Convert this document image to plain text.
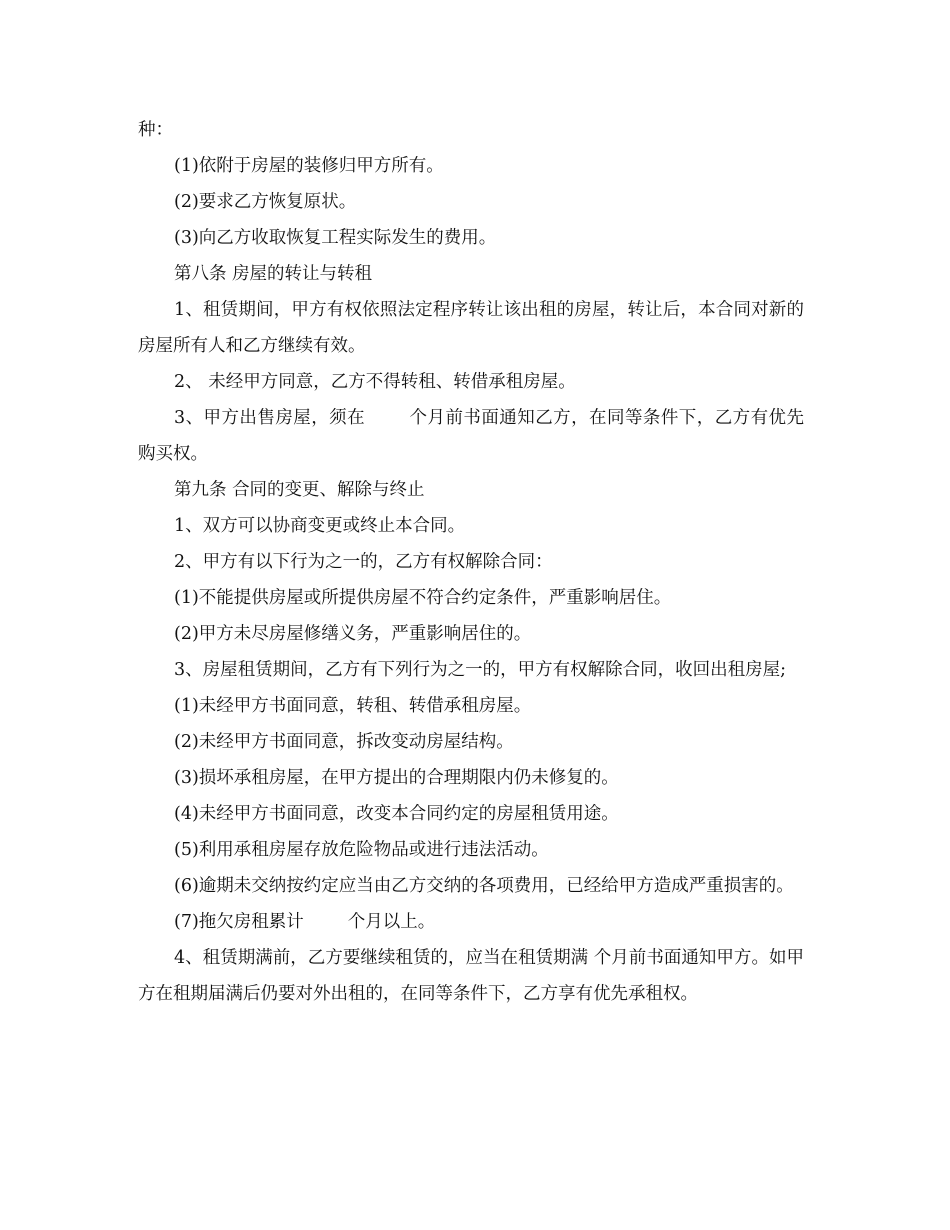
种：

(1)依附于房屋的装修归甲方所有。

(2)要求乙方恢复原状。

(3)向乙方收取恢复工程实际发生的费用。

第八条 房屋的转让与转租

1、租赁期间，甲方有权依照法定程序转让该出租的房屋，转让后，本合同对新的房屋所有人和乙方继续有效。

2、 未经甲方同意，乙方不得转租、转借承租房屋。

3、甲方出售房屋，须在	个月前书面通知乙方，在同等条件下，乙方有优先购买权。

第九条 合同的变更、解除与终止

1、双方可以协商变更或终止本合同。

2、甲方有以下行为之一的，乙方有权解除合同：

(1)不能提供房屋或所提供房屋不符合约定条件，严重影响居住。

(2)甲方未尽房屋修缮义务，严重影响居住的。

3、房屋租赁期间，乙方有下列行为之一的，甲方有权解除合同，收回出租房屋;

(1)未经甲方书面同意，转租、转借承租房屋。

(2)未经甲方书面同意，拆改变动房屋结构。

(3)损坏承租房屋，在甲方提出的合理期限内仍未修复的。

(4)未经甲方书面同意，改变本合同约定的房屋租赁用途。

(5)利用承租房屋存放危险物品或进行违法活动。

(6)逾期未交纳按约定应当由乙方交纳的各项费用，已经给甲方造成严重损害的。

(7)拖欠房租累计	个月以上。

4、租赁期满前，乙方要继续租赁的，应当在租赁期满 个月前书面通知甲方。如甲方在租期届满后仍要对外出租的，在同等条件下，乙方享有优先承租权。
